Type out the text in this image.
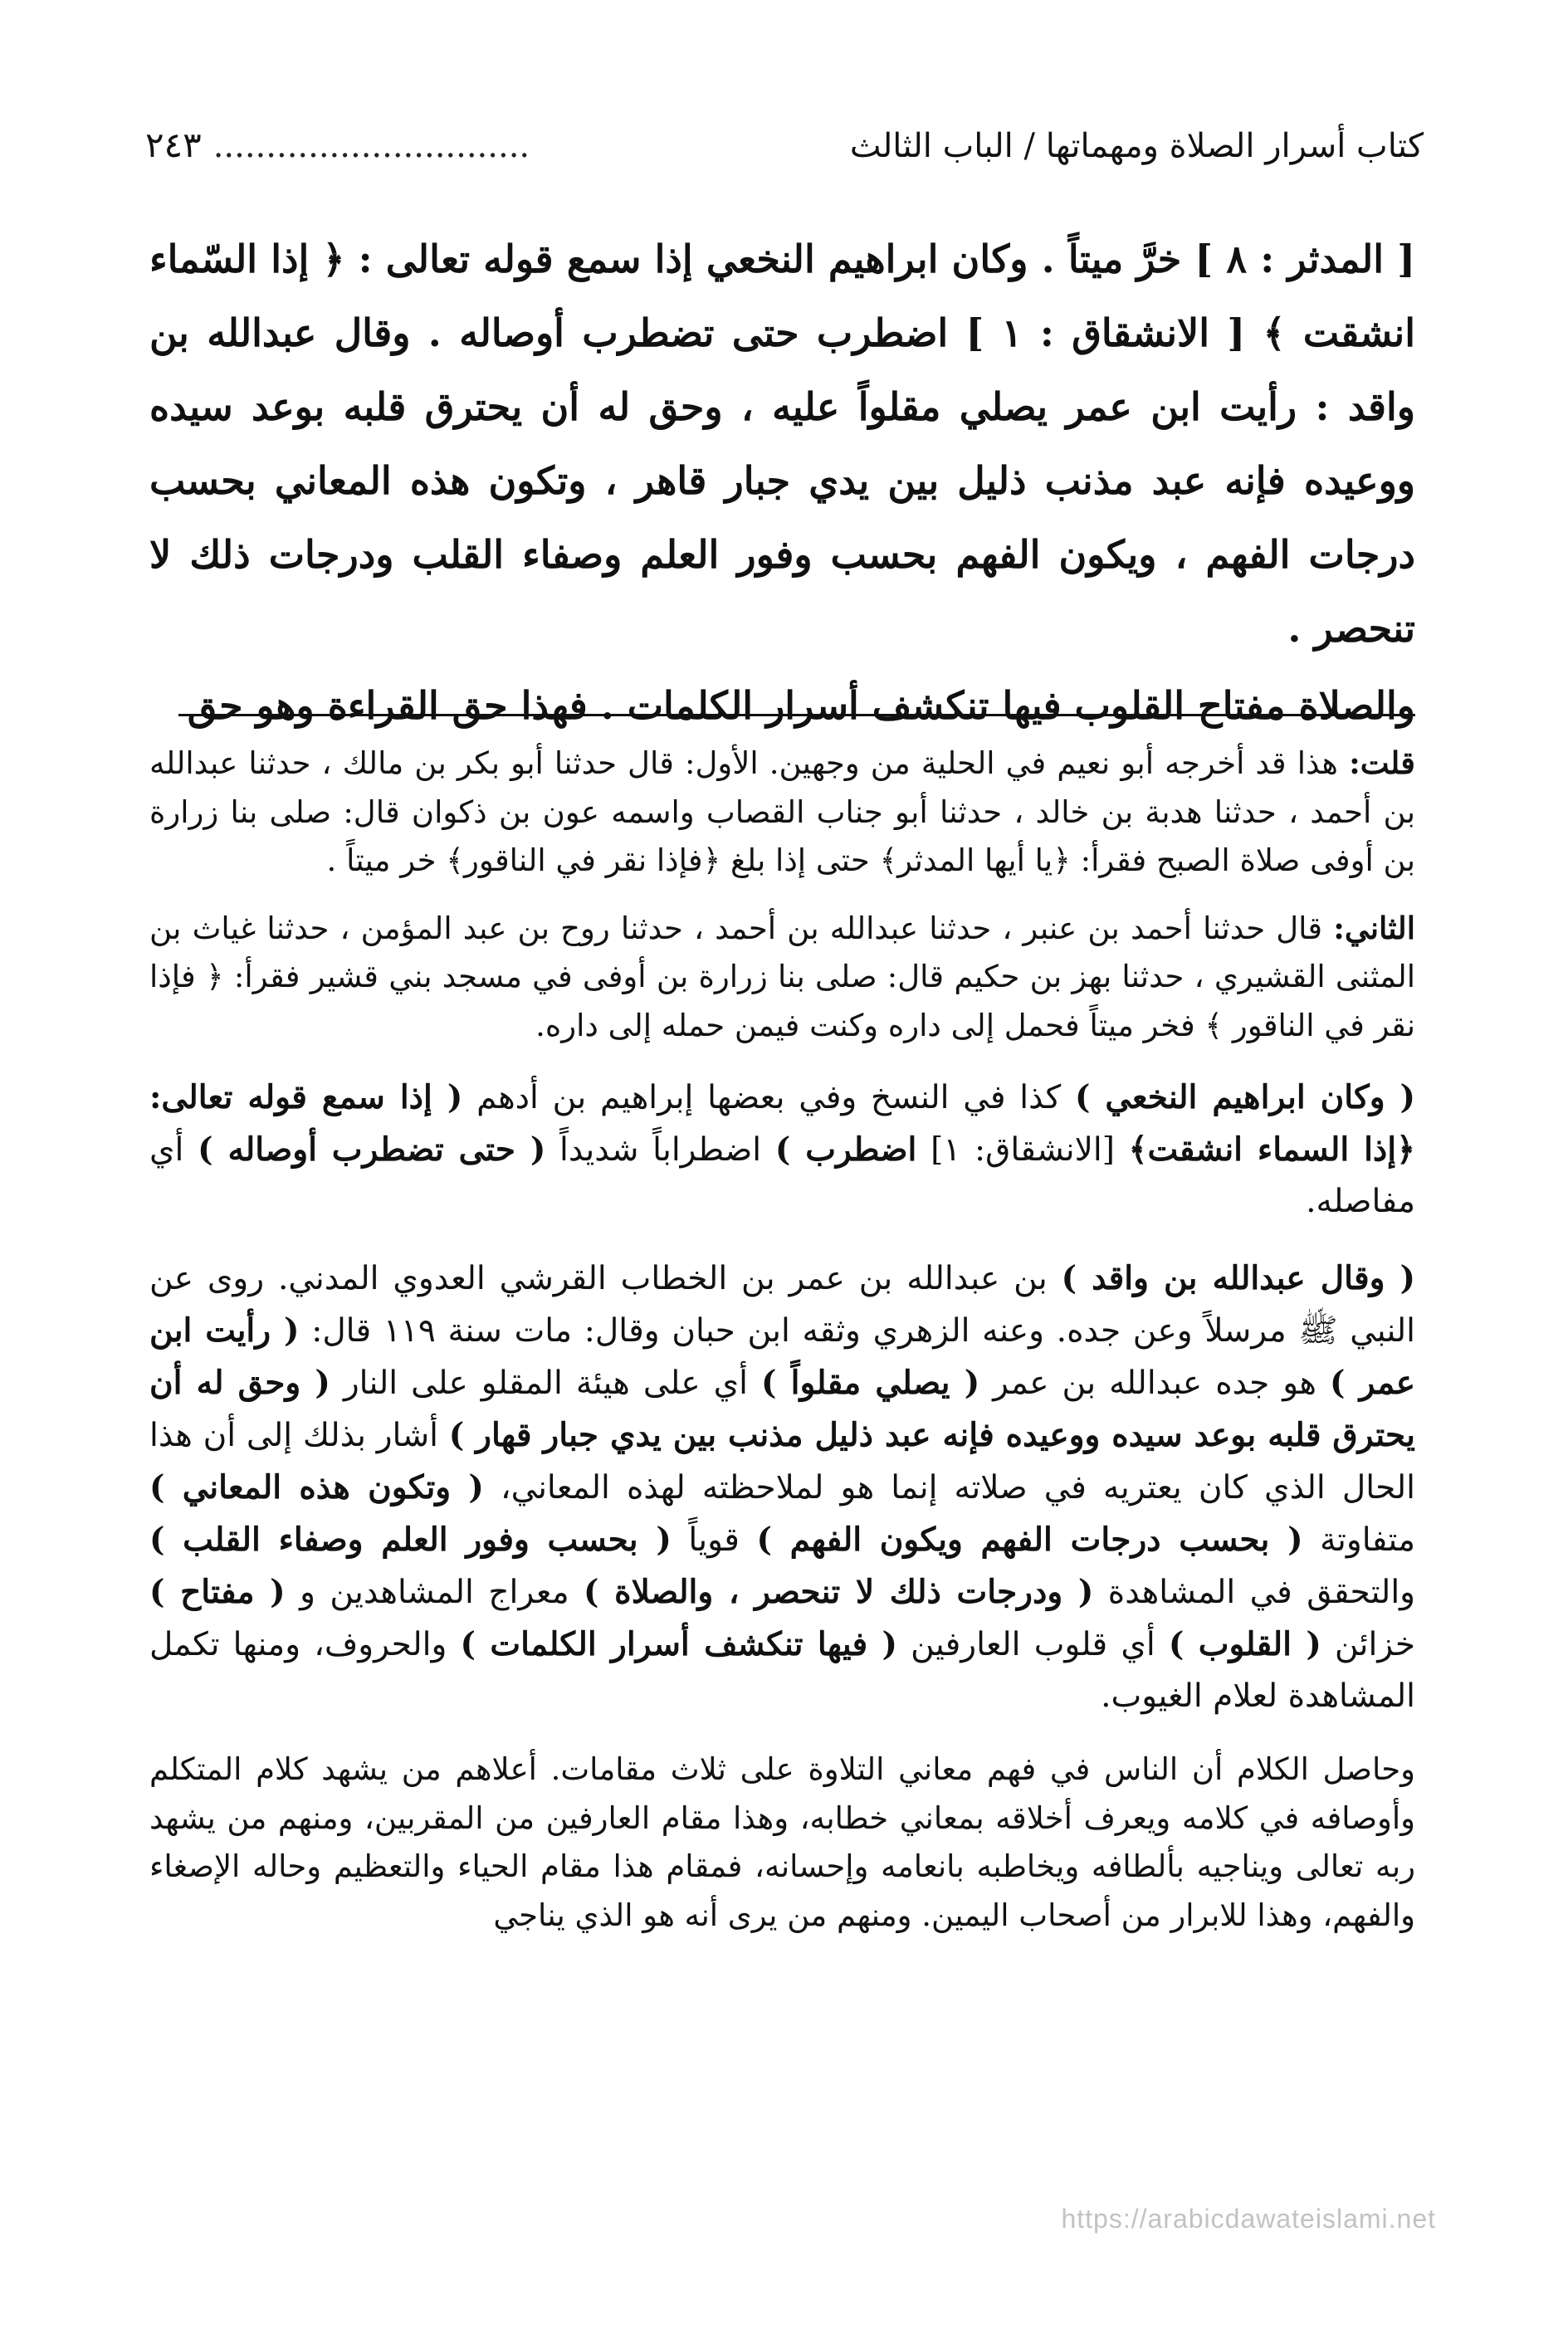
كتاب أسرار الصلاة ومهماتها / الباب الثالث
..............................
٢٤٣

[ المدثر : ٨ ] خرَّ ميتاً . وكان ابراهيم النخعي إذا سمع قوله تعالى : ﴿ إذا السّماء انشقت ﴾ [ الانشقاق : ١ ] اضطرب حتى تضطرب أوصاله . وقال عبدالله بن واقد : رأيت ابن عمر يصلي مقلواً عليه ، وحق له أن يحترق قلبه بوعد سيده ووعيده فإنه عبد مذنب ذليل بين يدي جبار قاهر ، وتكون هذه المعاني بحسب درجات الفهم ، ويكون الفهم بحسب وفور العلم وصفاء القلب ودرجات ذلك لا تنحصر .

والصلاة مفتاح القلوب فيها تنكشف أسرار الكلمات . فهذا حق القراءة وهو حق

قلت: هذا قد أخرجه أبو نعيم في الحلية من وجهين. الأول: قال حدثنا أبو بكر بن مالك ، حدثنا عبدالله بن أحمد ، حدثنا هدبة بن خالد ، حدثنا أبو جناب القصاب واسمه عون بن ذكوان قال: صلى بنا زرارة بن أوفى صلاة الصبح فقرأ: ﴿يا أيها المدثر﴾ حتى إذا بلغ ﴿فإذا نقر في الناقور﴾ خر ميتاً .

الثاني: قال حدثنا أحمد بن عنبر ، حدثنا عبدالله بن أحمد ، حدثنا روح بن عبد المؤمن ، حدثنا غياث بن المثنى القشيري ، حدثنا بهز بن حكيم قال: صلى بنا زرارة بن أوفى في مسجد بني قشير فقرأ: ﴿ فإذا نقر في الناقور ﴾ فخر ميتاً فحمل إلى داره وكنت فيمن حمله إلى داره.

( وكان ابراهيم النخعي ) كذا في النسخ وفي بعضها إبراهيم بن أدهم ( إذا سمع قوله تعالى: ﴿إذا السماء انشقت﴾ [الانشقاق: ١] اضطرب ) اضطراباً شديداً ( حتى تضطرب أوصاله ) أي مفاصله.

( وقال عبدالله بن واقد ) بن عبدالله بن عمر بن الخطاب القرشي العدوي المدني. روى عن النبي ﷺ مرسلاً وعن جده. وعنه الزهري وثقه ابن حبان وقال: مات سنة ١١٩ قال: ( رأيت ابن عمر ) هو جده عبدالله بن عمر ( يصلي مقلواً ) أي على هيئة المقلو على النار ( وحق له أن يحترق قلبه بوعد سيده ووعيده فإنه عبد ذليل مذنب بين يدي جبار قهار ) أشار بذلك إلى أن هذا الحال الذي كان يعتريه في صلاته إنما هو لملاحظته لهذه المعاني، ( وتكون هذه المعاني ) متفاوتة ( بحسب درجات الفهم ويكون الفهم ) قوياً ( بحسب وفور العلم وصفاء القلب ) والتحقق في المشاهدة ( ودرجات ذلك لا تنحصر ، والصلاة ) معراج المشاهدين و ( مفتاح ) خزائن ( القلوب ) أي قلوب العارفين ( فيها تنكشف أسرار الكلمات ) والحروف، ومنها تكمل المشاهدة لعلام الغيوب.

وحاصل الكلام أن الناس في فهم معاني التلاوة على ثلاث مقامات. أعلاهم من يشهد كلام المتكلم وأوصافه في كلامه ويعرف أخلاقه بمعاني خطابه، وهذا مقام العارفين من المقربين، ومنهم من يشهد ربه تعالى ويناجيه بألطافه ويخاطبه بانعامه وإحسانه، فمقام هذا مقام الحياء والتعظيم وحاله الإصغاء والفهم، وهذا للابرار من أصحاب اليمين. ومنهم من يرى أنه هو الذي يناجي

https://arabicdawateislami.net
